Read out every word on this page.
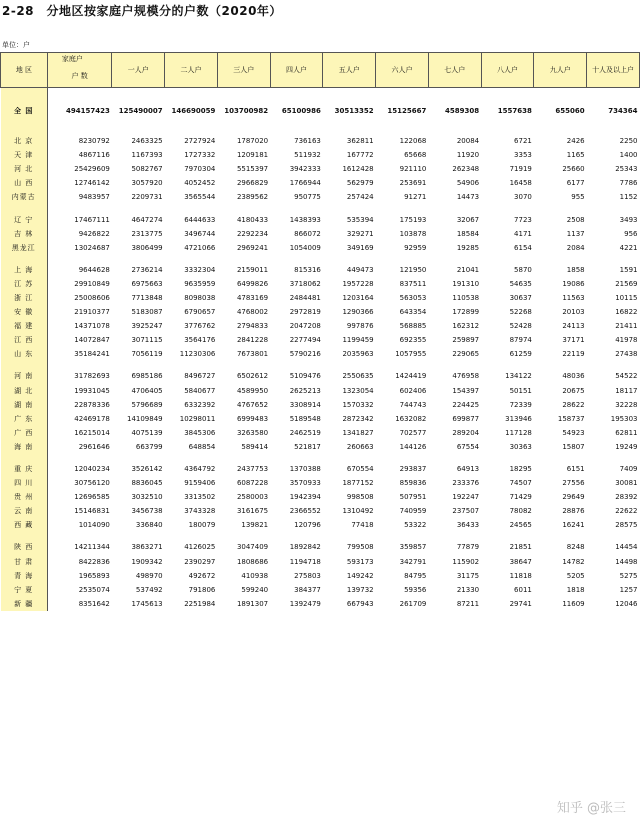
2-28　分地区按家庭户规模分的户数（2020年）
单位：户
地 区	家庭户	一人户	二人户	三人户	四人户	五人户	六人户	七人户	八人户	九人户	十人及以上户
	户 数										

全 国	494157423	125490007	146690059	103700982	65100986	30513352	15125667	4589308	1557638	655060	734364

北 京	8230792	2463325	2727924	1787020	736163	362811	122068	20084	6721	2426	2250
天 津	4867116	1167393	1727332	1209181	511932	167772	65668	11920	3353	1165	1400
河 北	25429609	5082767	7970304	5515397	3942333	1612428	921110	262348	71919	25660	25343
山 西	12746142	3057920	4052452	2966829	1766944	562979	253691	54906	16458	6177	7786
内蒙古	9483957	2209731	3565544	2389562	950775	257424	91271	14473	3070	955	1152

辽 宁	17467111	4647274	6444633	4180433	1438393	535394	175193	32067	7723	2508	3493
吉 林	9426822	2313775	3496744	2292234	866072	329271	103878	18584	4171	1137	956
黑龙江	13024687	3806499	4721066	2969241	1054009	349169	92959	19285	6154	2084	4221

上 海	9644628	2736214	3332304	2159011	815316	449473	121950	21041	5870	1858	1591
江 苏	29910849	6975663	9635959	6499826	3718062	1957228	837511	191310	54635	19086	21569
浙 江	25008606	7713848	8098038	4783169	2484481	1203164	563053	110538	30637	11563	10115
安 徽	21910377	5183087	6790657	4768002	2972819	1290366	643354	172899	52268	20103	16822
福 建	14371078	3925247	3776762	2794833	2047208	997876	568885	162312	52428	24113	21411
江 西	14072847	3071115	3564176	2841228	2277494	1199459	692355	259897	87974	37171	41978
山 东	35184241	7056119	11230306	7673801	5790216	2035963	1057955	229065	61259	22119	27438

河 南	31782693	6985186	8496727	6502612	5109476	2550635	1424419	476958	134122	48036	54522
湖 北	19931045	4706405	5840677	4589950	2625213	1323054	602406	154397	50151	20675	18117
湖 南	22878336	5796689	6332392	4767652	3308914	1570332	744743	224425	72339	28622	32228
广 东	42469178	14109849	10298011	6999483	5189548	2872342	1632082	699877	313946	158737	195303
广 西	16215014	4075139	3845306	3263580	2462519	1341827	702577	289204	117128	54923	62811
海 南	2961646	663799	648854	589414	521817	260663	144126	67554	30363	15807	19249

重 庆	12040234	3526142	4364792	2437753	1370388	670554	293837	64913	18295	6151	7409
四 川	30756120	8836045	9159406	6087228	3570933	1877152	859836	233376	74507	27556	30081
贵 州	12696585	3032510	3313502	2580003	1942394	998508	507951	192247	71429	29649	28392
云 南	15146831	3456738	3743328	3161675	2366552	1310492	740959	237507	78082	28876	22622
西 藏	1014090	336840	180079	139821	120796	77418	53322	36433	24565	16241	28575

陕 西	14211344	3863271	4126025	3047409	1892842	799508	359857	77879	21851	8248	14454
甘 肃	8422836	1909342	2390297	1808686	1194718	593173	342791	115902	38647	14782	14498
青 海	1965893	498970	492672	410938	275803	149242	84795	31175	11818	5205	5275
宁 夏	2535074	537492	791806	599240	384377	139732	59356	21330	6011	1818	1257
新 疆	8351642	1745613	2251984	1891307	1392479	667943	261709	87211	29741	11609	12046
知乎 @张三
